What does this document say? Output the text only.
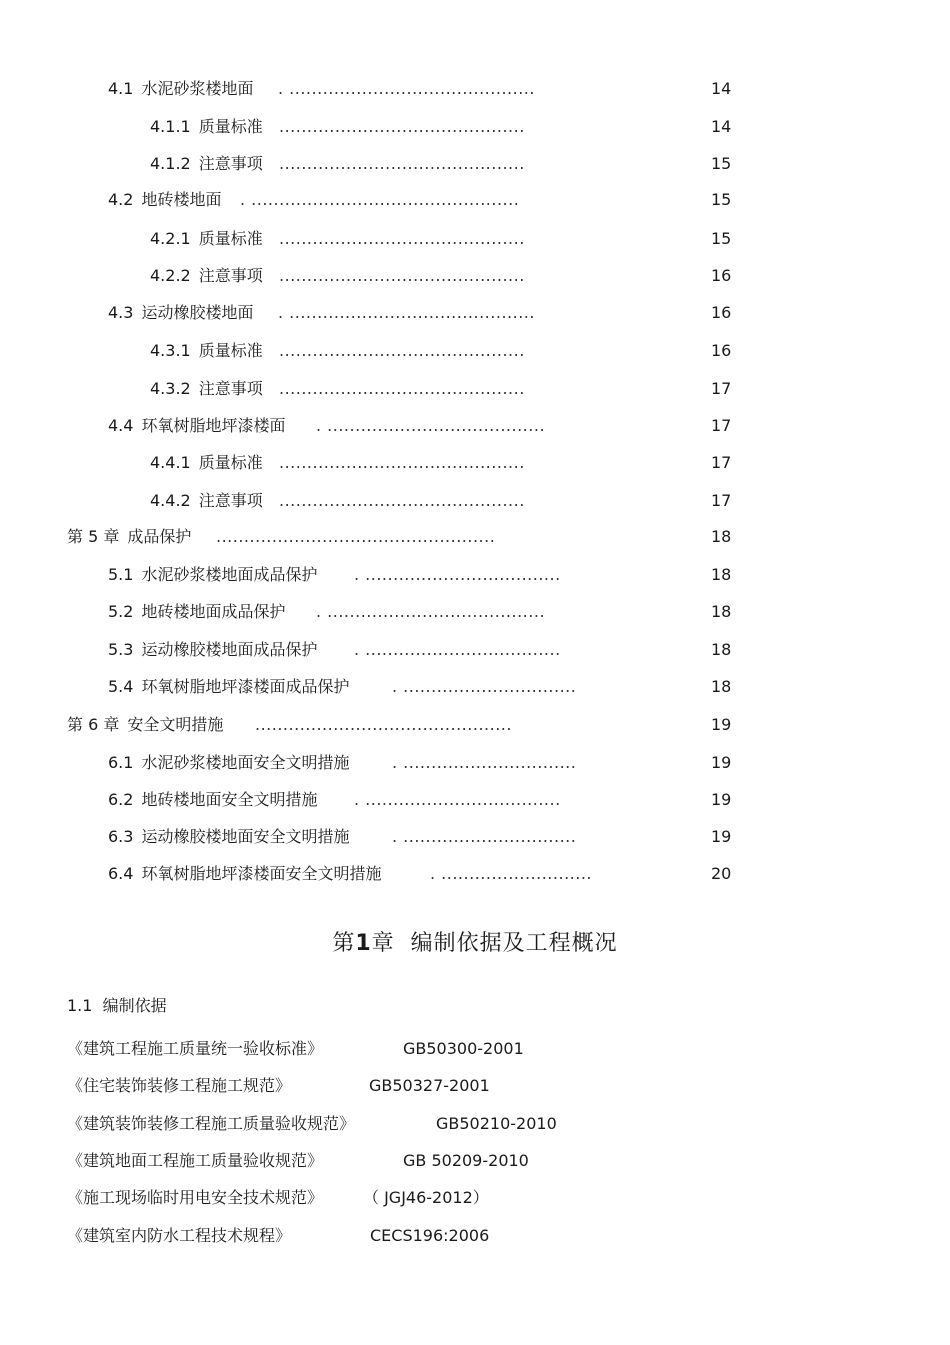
4.1 水泥砂浆楼地面 . ............................................	14
4.1.1 质量标准 ............................................	14
4.1.2 注意事项 ............................................	15
4.2 地砖楼地面 . ................................................	15
4.2.1 质量标准 ............................................	15
4.2.2 注意事项 ............................................	16
4.3 运动橡胶楼地面 . ............................................	16
4.3.1 质量标准 ............................................	16
4.3.2 注意事项 ............................................	17
4.4 环氧树脂地坪漆楼面 . .......................................	17
4.4.1 质量标准 ............................................	17
4.4.2 注意事项 ............................................	17
第 5 章 成品保护 ..................................................	18
5.1 水泥砂浆楼地面成品保护 . ...................................	18
5.2 地砖楼地面成品保护 . .......................................	18
5.3 运动橡胶楼地面成品保护 . ...................................	18
5.4 环氧树脂地坪漆楼面成品保护	. ...............................	18
第 6 章 安全文明措施 ..............................................	19
6.1 水泥砂浆楼地面安全文明措施	. ...............................	19
6.2 地砖楼地面安全文明措施 . ...................................	19
6.3 运动橡胶楼地面安全文明措施	. ...............................	19
6.4 环氧树脂地坪漆楼面安全文明措施	. ...........................	20
第1章 编制依据及工程概况
1.1 编制依据
《建筑工程施工质量统一验收标准》	GB50300-2001
《住宅装饰装修工程施工规范》	GB50327-2001
《建筑装饰装修工程施工质量验收规范》	GB50210-2010
《建筑地面工程施工质量验收规范》	GB 50209-2010
《施工现场临时用电安全技术规范》 （ JGJ46-2012）
《建筑室内防水工程技术规程》	CECS196:2006
